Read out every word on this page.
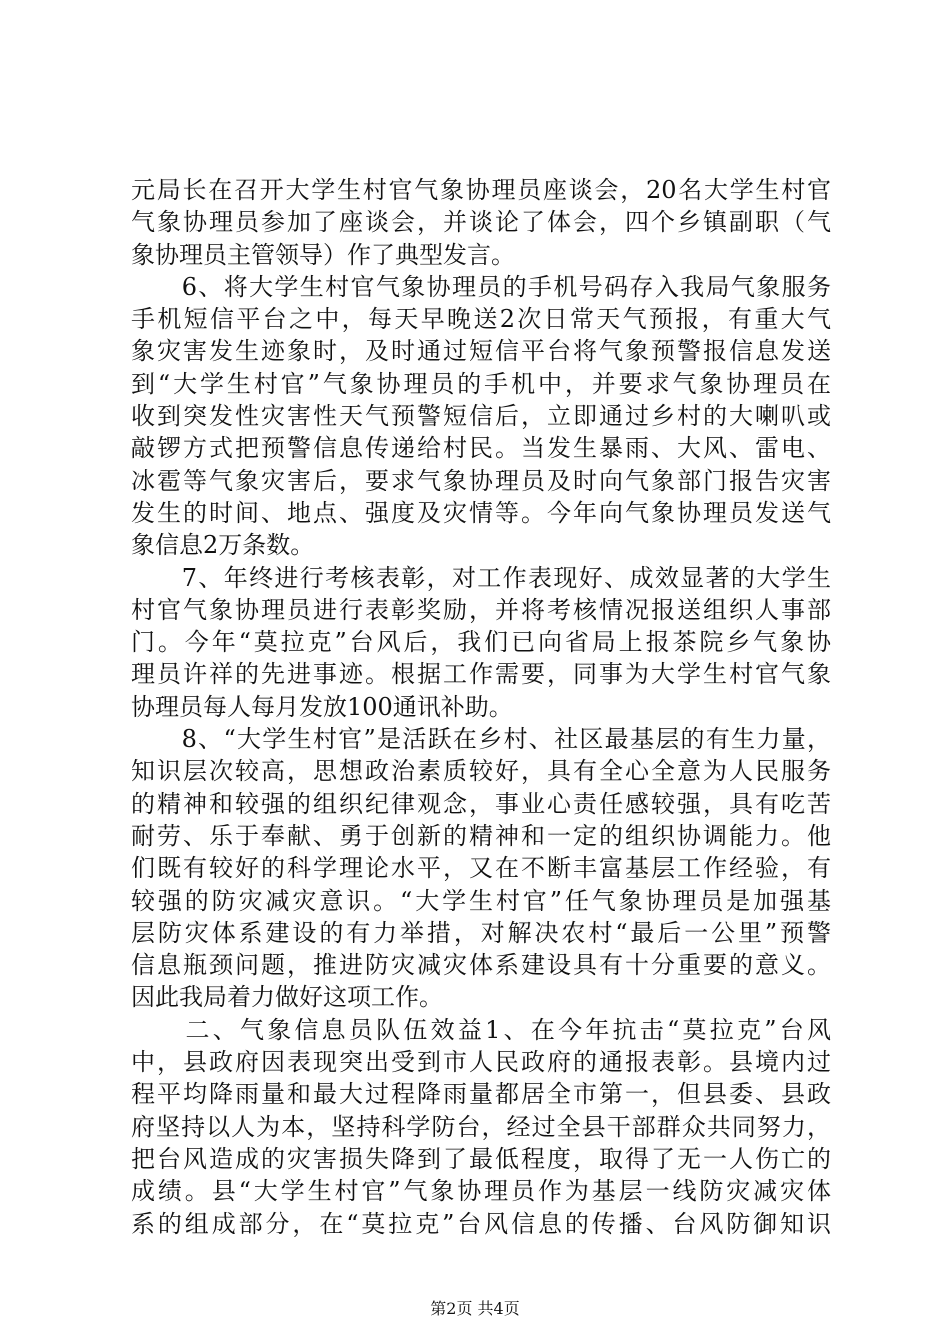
元局长在召开大学生村官气象协理员座谈会，20名大学生村官
气象协理员参加了座谈会，并谈论了体会，四个乡镇副职（气
象协理员主管领导）作了典型发言。
　　6、将大学生村官气象协理员的手机号码存入我局气象服务
手机短信平台之中，每天早晚送2次日常天气预报，有重大气
象灾害发生迹象时，及时通过短信平台将气象预警报信息发送
到“大学生村官”气象协理员的手机中，并要求气象协理员在
收到突发性灾害性天气预警短信后，立即通过乡村的大喇叭或
敲锣方式把预警信息传递给村民。当发生暴雨、大风、雷电、
冰雹等气象灾害后，要求气象协理员及时向气象部门报告灾害
发生的时间、地点、强度及灾情等。今年向气象协理员发送气
象信息2万条数。
　　7、年终进行考核表彰，对工作表现好、成效显著的大学生
村官气象协理员进行表彰奖励，并将考核情况报送组织人事部
门。今年“莫拉克”台风后，我们已向省局上报茶院乡气象协
理员许祥的先进事迹。根据工作需要，同事为大学生村官气象
协理员每人每月发放100通讯补助。
　　8、“大学生村官”是活跃在乡村、社区最基层的有生力量，
知识层次较高，思想政治素质较好，具有全心全意为人民服务
的精神和较强的组织纪律观念，事业心责任感较强，具有吃苦
耐劳、乐于奉献、勇于创新的精神和一定的组织协调能力。他
们既有较好的科学理论水平，又在不断丰富基层工作经验，有
较强的防灾减灾意识。“大学生村官”任气象协理员是加强基
层防灾体系建设的有力举措，对解决农村“最后一公里”预警
信息瓶颈问题，推进防灾减灾体系建设具有十分重要的意义。
因此我局着力做好这项工作。
　　二、气象信息员队伍效益1、在今年抗击“莫拉克”台风
中，县政府因表现突出受到市人民政府的通报表彰。县境内过
程平均降雨量和最大过程降雨量都居全市第一，但县委、县政
府坚持以人为本，坚持科学防台，经过全县干部群众共同努力，
把台风造成的灾害损失降到了最低程度，取得了无一人伤亡的
成绩。县“大学生村官”气象协理员作为基层一线防灾减灾体
系的组成部分，在“莫拉克”台风信息的传播、台风防御知识
第2页 共4页
